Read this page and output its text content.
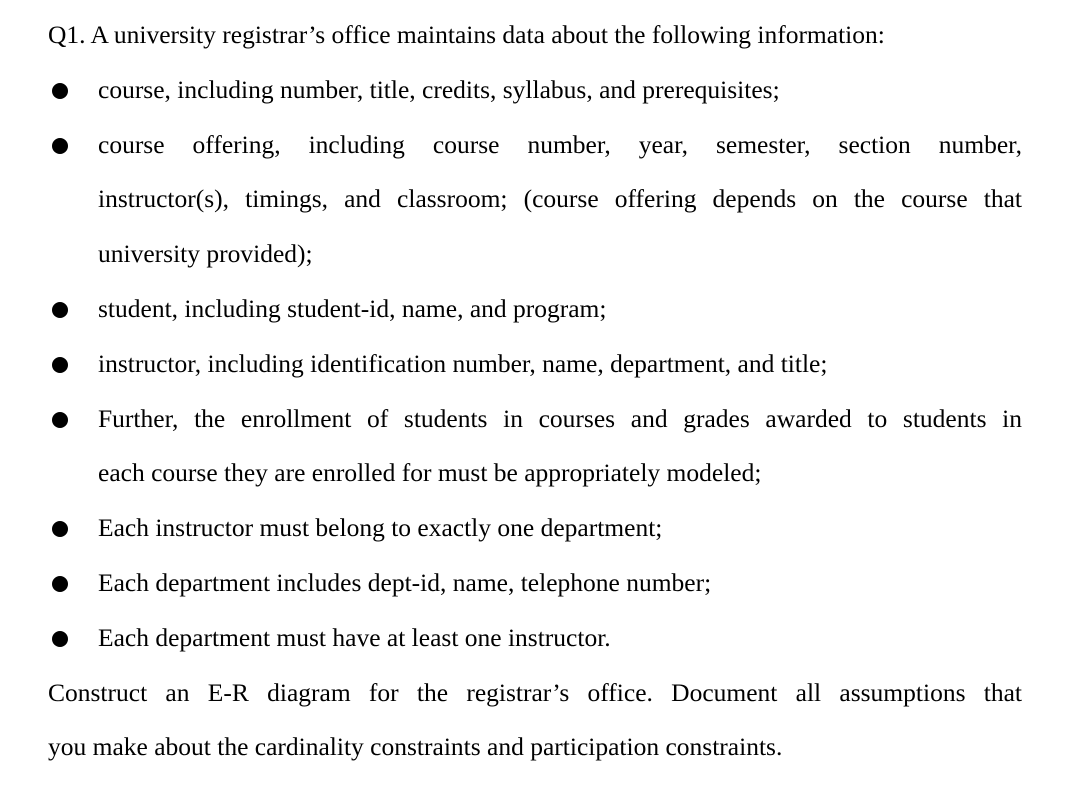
Q1. A university registrar’s office maintains data about the following information:
course, including number, title, credits, syllabus, and prerequisites;
course offering, including course number, year, semester, section number,
instructor(s), timings, and classroom; (course offering depends on the course that
university provided);
student, including student-id, name, and program;
instructor, including identification number, name, department, and title;
Further, the enrollment of students in courses and grades awarded to students in
each course they are enrolled for must be appropriately modeled;
Each instructor must belong to exactly one department;
Each department includes dept-id, name, telephone number;
Each department must have at least one instructor.
Construct an E-R diagram for the registrar’s office. Document all assumptions that
you make about the cardinality constraints and participation constraints.
